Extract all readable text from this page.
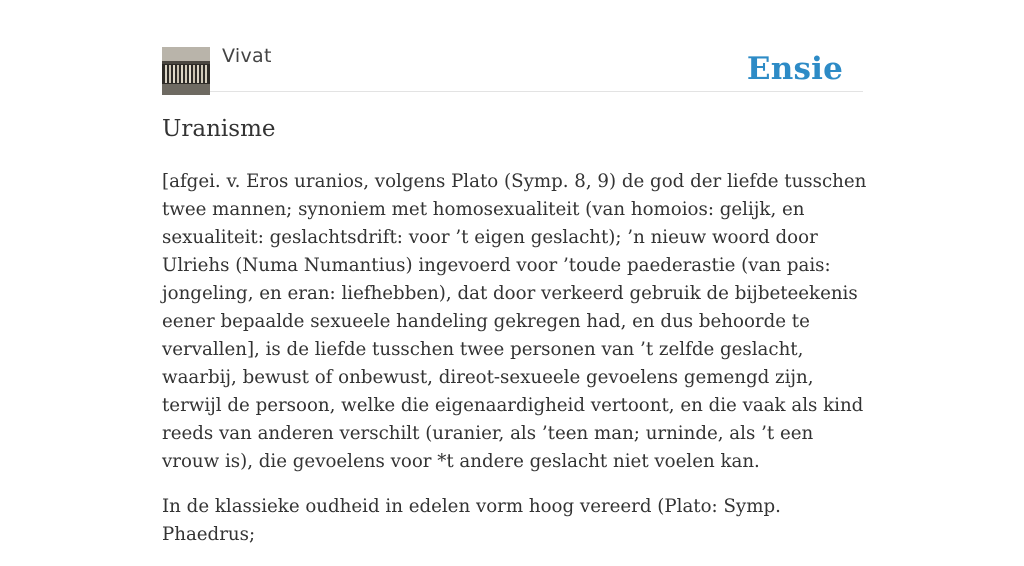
Vivat	Ensie
Uranisme

[afgei. v. Eros uranios, volgens Plato (Symp. 8, 9) de god der liefde tusschen twee mannen; synoniem met homosexualiteit (van homoios: gelijk, en sexualiteit: geslachtsdrift: voor ’t eigen geslacht); ’n nieuw woord door Ulriehs (Numa Numantius) ingevoerd voor ’toude paederastie (van pais: jongeling, en eran: liefhebben), dat door verkeerd gebruik de bijbeteekenis eener bepaalde sexueele handeling gekregen had, en dus behoorde te vervallen], is de liefde tusschen twee personen van ’t zelfde geslacht, waarbij, bewust of onbewust, direot-sexueele gevoelens gemengd zijn, terwijl de persoon, welke die eigenaardigheid vertoont, en die vaak als kind reeds van anderen verschilt (uranier, als ’teen man; urninde, als ’t een vrouw is), die gevoelens voor *t andere geslacht niet voelen kan.

In de klassieke oudheid in edelen vorm hoog vereerd (Plato: Symp. Phaedrus;
